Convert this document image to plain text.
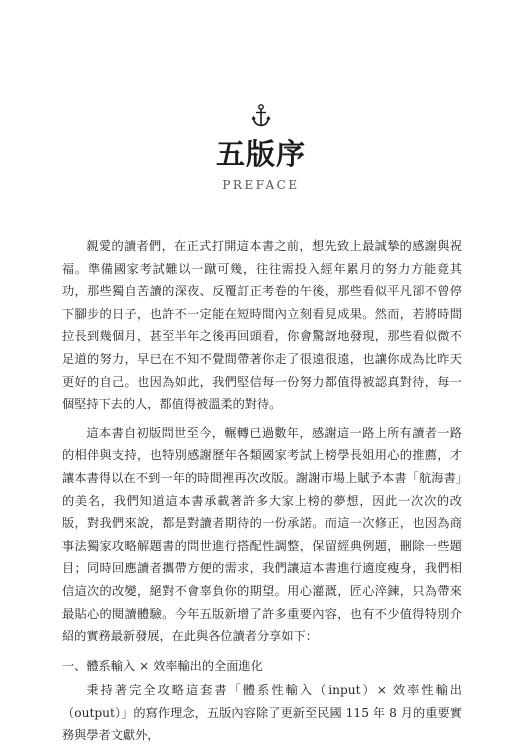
五版序
PREFACE

親愛的讀者們，在正式打開這本書之前，想先致上最誠摯的感謝與祝福。準備國家考試難以一蹴可幾，往往需投入經年累月的努力方能竟其功，那些獨自苦讀的深夜、反覆訂正考卷的午後，那些看似平凡卻不曾停下腳步的日子，也許不一定能在短時間內立刻看見成果。然而，若將時間拉長到幾個月，甚至半年之後再回頭看，你會驚訝地發現，那些看似微不足道的努力，早已在不知不覺間帶著你走了很遠很遠，也讓你成為比昨天更好的自己。也因為如此，我們堅信每一份努力都值得被認真對待，每一個堅持下去的人，都值得被溫柔的對待。

這本書自初版問世至今，輾轉已過數年，感謝這一路上所有讀者一路的相伴與支持，也特別感謝歷年各類國家考試上榜學長姐用心的推薦，才讓本書得以在不到一年的時間裡再次改版。謝謝市場上賦予本書「航海書」的美名，我們知道這本書承載著許多大家上榜的夢想，因此一次次的改版，對我們來說，都是對讀者期待的一份承諾。而這一次修正，也因為商事法獨家攻略解題書的問世進行搭配性調整，保留經典例題，刪除一些題目；同時回應讀者攜帶方便的需求，我們讓這本書進行適度瘦身，我們相信這次的改變，絕對不會辜負你的期望。用心灌溉，匠心淬鍊，只為帶來最貼心的閱讀體驗。今年五版新增了許多重要內容，也有不少值得特別介紹的實務最新發展，在此與各位讀者分享如下：

一、體系輸入 × 效率輸出的全面進化

秉持著完全攻略這套書「體系性輸入（input）× 效率性輸出（output）」的寫作理念，五版內容除了更新至民國 115 年 8 月的重要實務與學者文獻外，
